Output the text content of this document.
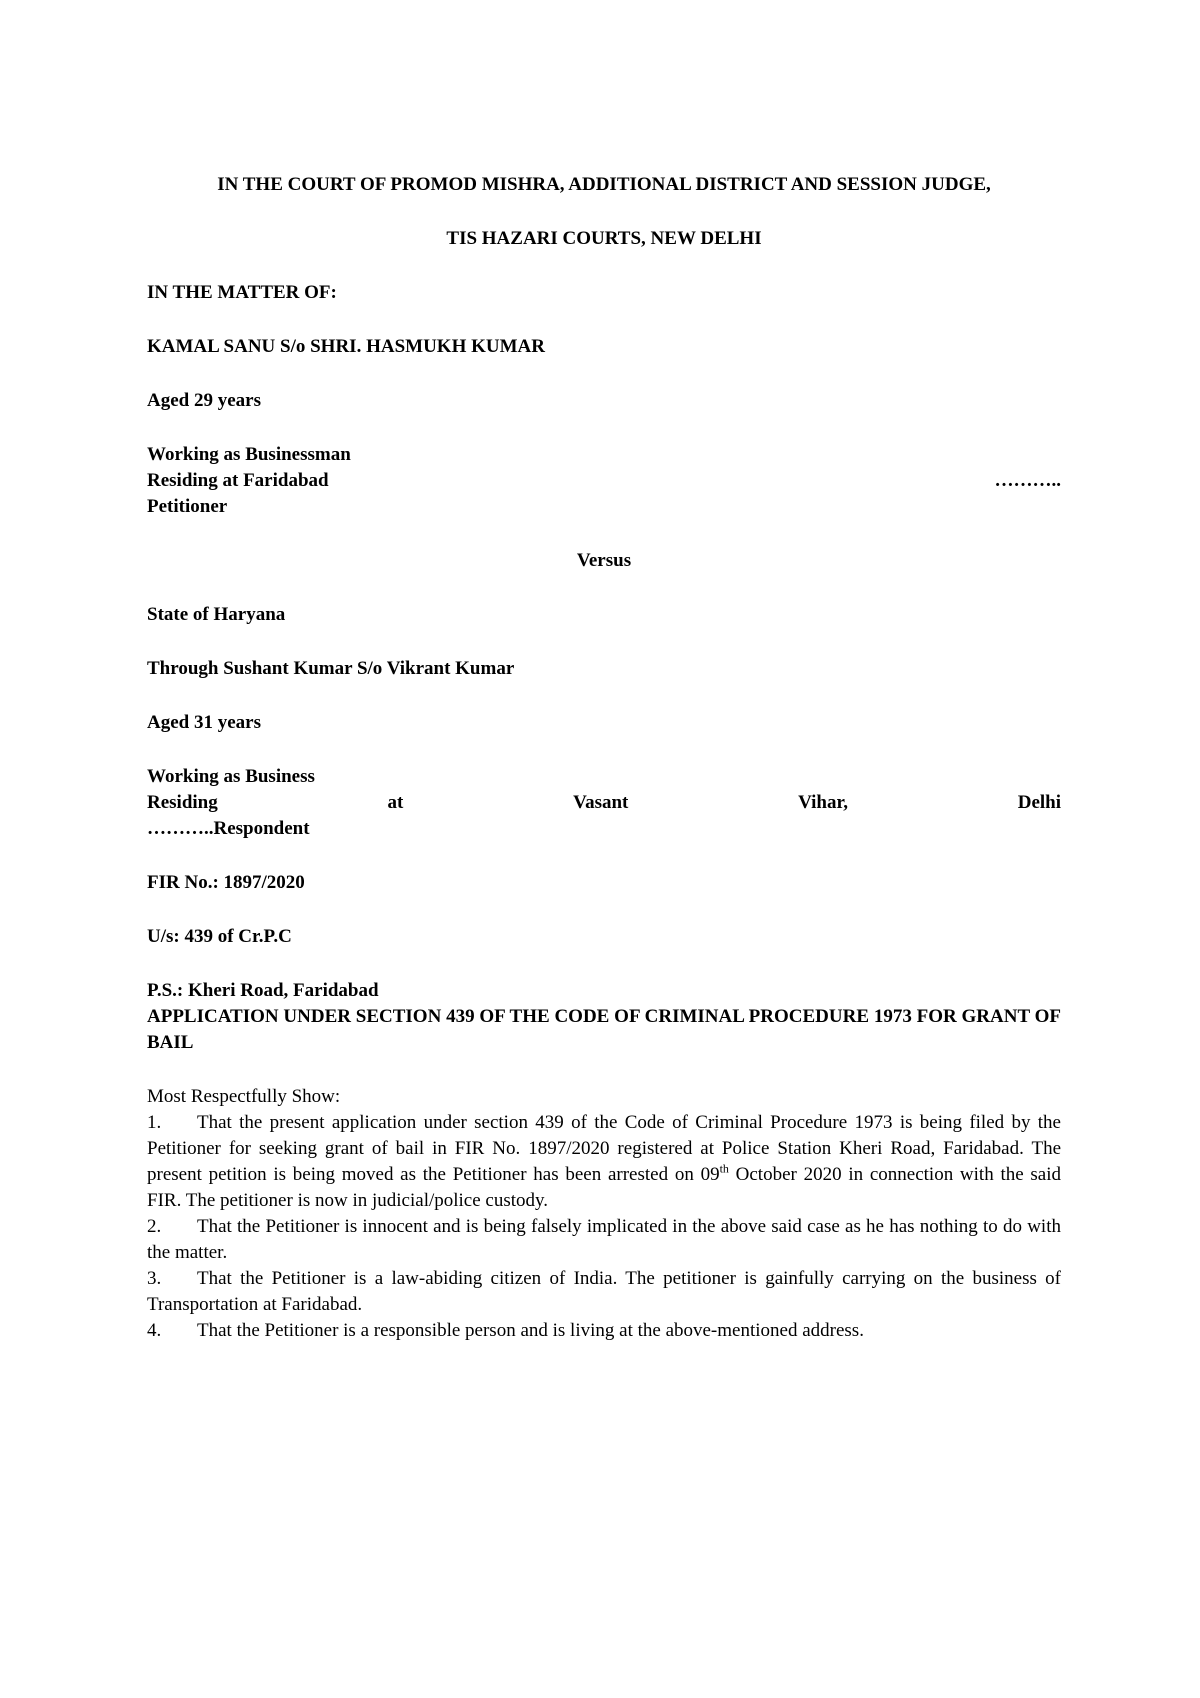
IN THE COURT OF PROMOD MISHRA, ADDITIONAL DISTRICT AND SESSION JUDGE,

TIS HAZARI COURTS, NEW DELHI

IN THE MATTER OF:

KAMAL SANU S/o SHRI. HASMUKH KUMAR

Aged 29 years

Working as Businessman

Residing at Faridabad	………..

Petitioner

Versus

State of Haryana

Through Sushant Kumar S/o Vikrant Kumar

Aged 31 years

Working as Business

Residing	at	Vasant	Vihar,	Delhi

………..Respondent

FIR No.: 1897/2020

U/s: 439 of Cr.P.C

P.S.: Kheri Road, Faridabad

APPLICATION UNDER SECTION 439 OF THE CODE OF CRIMINAL PROCEDURE 1973 FOR GRANT OF BAIL

Most Respectfully Show:

1. That the present application under section 439 of the Code of Criminal Procedure 1973 is being filed by the Petitioner for seeking grant of bail in FIR No. 1897/2020 registered at Police Station Kheri Road, Faridabad. The present petition is being moved as the Petitioner has been arrested on 09th October 2020 in connection with the said FIR. The petitioner is now in judicial/police custody.

2. That the Petitioner is innocent and is being falsely implicated in the above said case as he has nothing to do with the matter.

3. That the Petitioner is a law-abiding citizen of India. The petitioner is gainfully carrying on the business of Transportation at Faridabad.

4. That the Petitioner is a responsible person and is living at the above-mentioned address.
